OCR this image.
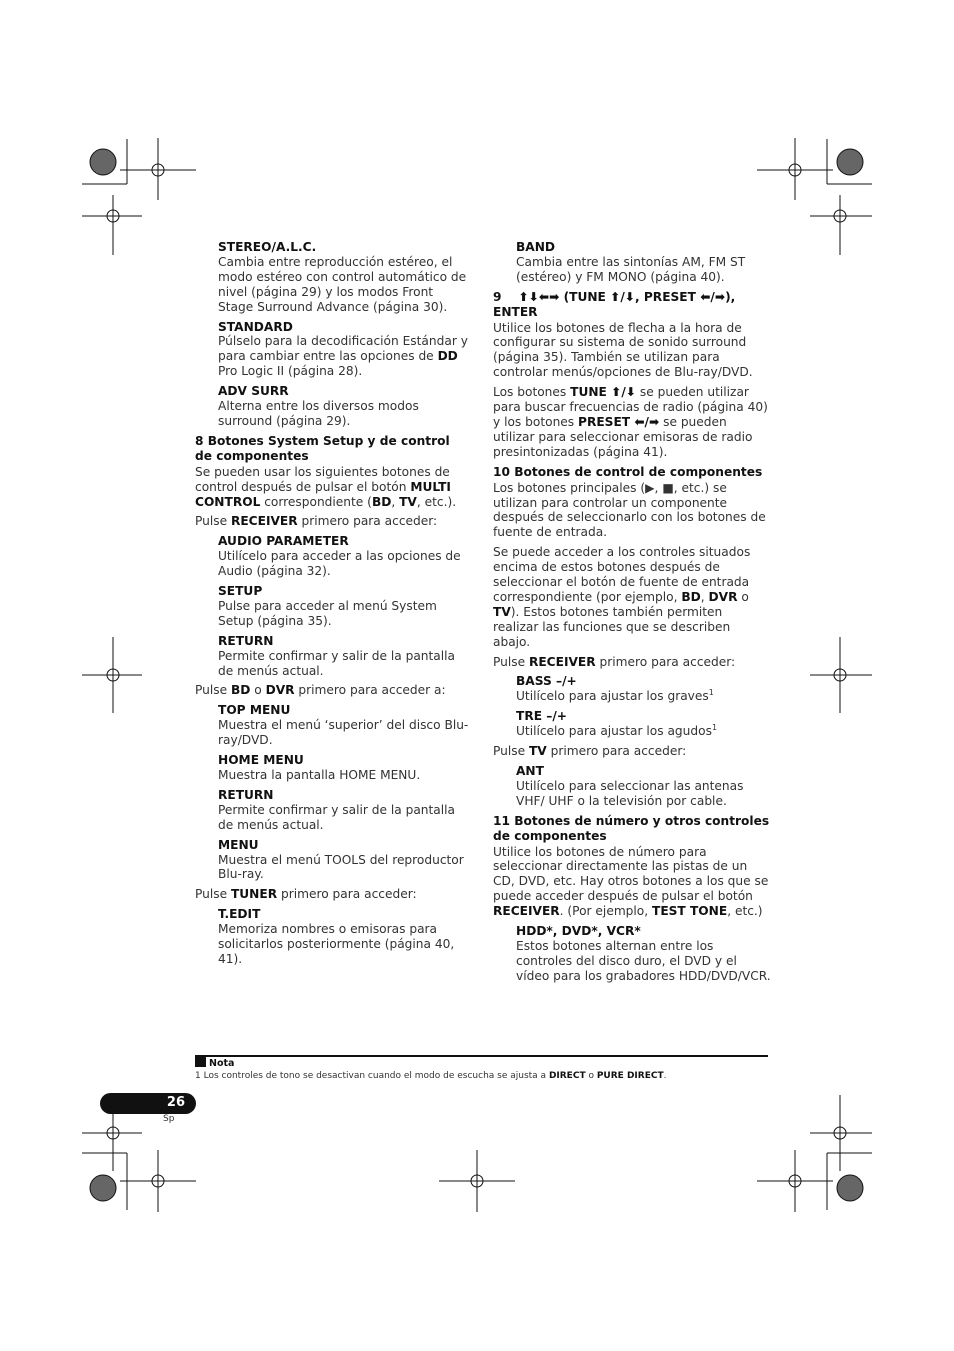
STEREO/A.L.C.
Cambia entre reproducción estéreo, el modo estéreo con control automático de nivel (página 29) y los modos Front Stage Surround Advance (página 30).
STANDARD
Púlselo para la decodificación Estándar y para cambiar entre las opciones de DD Pro Logic II (página 28).
ADV SURR
Alterna entre los diversos modos surround (página 29).
8 Botones System Setup y de control de componentes
Se pueden usar los siguientes botones de control después de pulsar el botón MULTI CONTROL correspondiente (BD, TV, etc.).
Pulse RECEIVER primero para acceder:
AUDIO PARAMETER
Utilícelo para acceder a las opciones de Audio (página 32).
SETUP
Pulse para acceder al menú System Setup (página 35).
RETURN
Permite confirmar y salir de la pantalla de menús actual.
Pulse BD o DVR primero para acceder a:
TOP MENU
Muestra el menú ‘superior’ del disco Blu-ray/DVD.
HOME MENU
Muestra la pantalla HOME MENU.
RETURN
Permite confirmar y salir de la pantalla de menús actual.
MENU
Muestra el menú TOOLS del reproductor Blu-ray.
Pulse TUNER primero para acceder:
T.EDIT
Memoriza nombres o emisoras para solicitarlos posteriormente (página 40, 41).
BAND
Cambia entre las sintonías AM, FM ST (estéreo) y FM MONO (página 40).
9 ⬆⬇⬅➡ (TUNE ⬆/⬇, PRESET ⬅/➡), ENTER
Utilice los botones de flecha a la hora de configurar su sistema de sonido surround (página 35). También se utilizan para controlar menús/opciones de Blu-ray/DVD.
Los botones TUNE ⬆/⬇ se pueden utilizar para buscar frecuencias de radio (página 40) y los botones PRESET ⬅/➡ se pueden utilizar para seleccionar emisoras de radio presintonizadas (página 41).
10 Botones de control de componentes
Los botones principales (▶, ■, etc.) se utilizan para controlar un componente después de seleccionarlo con los botones de fuente de entrada.
Se puede acceder a los controles situados encima de estos botones después de seleccionar el botón de fuente de entrada correspondiente (por ejemplo, BD, DVR o TV). Estos botones también permiten realizar las funciones que se describen abajo.
Pulse RECEIVER primero para acceder:
BASS –/+
Utilícelo para ajustar los graves$^1$
TRE –/+
Utilícelo para ajustar los agudos$^1$
Pulse TV primero para acceder:
ANT
Utilícelo para seleccionar las antenas VHF/ UHF o la televisión por cable.
11 Botones de número y otros controles de componentes
Utilice los botones de número para seleccionar directamente las pistas de un CD, DVD, etc. Hay otros botones a los que se puede acceder después de pulsar el botón RECEIVER. (Por ejemplo, TEST TONE, etc.)
HDD*, DVD*, VCR*
Estos botones alternan entre los controles del disco duro, el DVD y el vídeo para los grabadores HDD/DVD/VCR.
Nota
1 Los controles de tono se desactivan cuando el modo de escucha se ajusta a DIRECT o PURE DIRECT.
26
Sp
